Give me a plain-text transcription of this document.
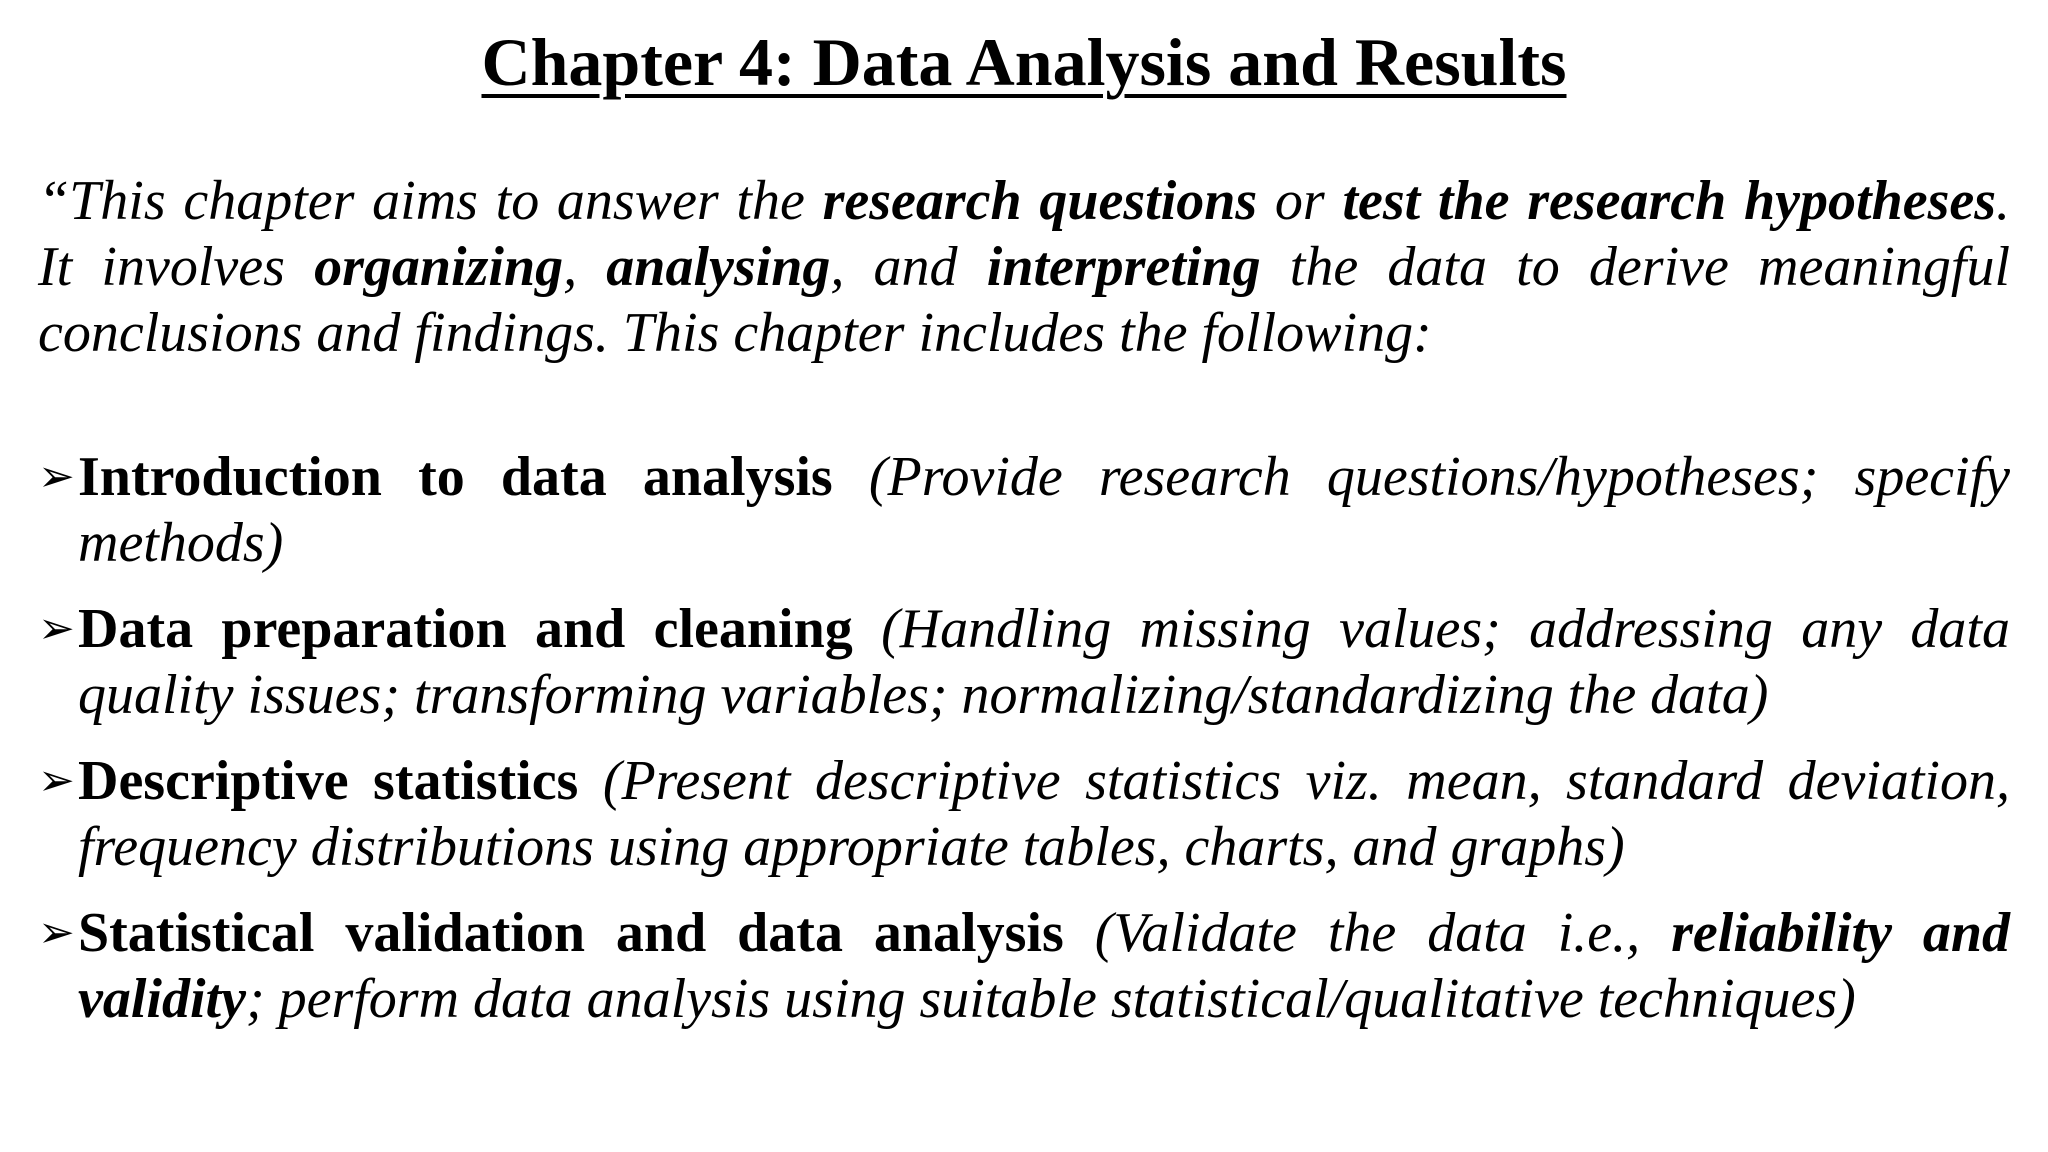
Chapter 4: Data Analysis and Results
“This chapter aims to answer the research questions or test the research hypotheses. It involves organizing, analysing, and interpreting the data to derive meaningful conclusions and findings. This chapter includes the following:
➢ Introduction to data analysis (Provide research questions/hypotheses; specify methods)
➢ Data preparation and cleaning (Handling missing values; addressing any data quality issues; transforming variables; normalizing/standardizing the data)
➢ Descriptive statistics (Present descriptive statistics viz. mean, standard deviation, frequency distributions using appropriate tables, charts, and graphs)
➢ Statistical validation and data analysis (Validate the data i.e., reliability and validity; perform data analysis using suitable statistical/qualitative techniques)
